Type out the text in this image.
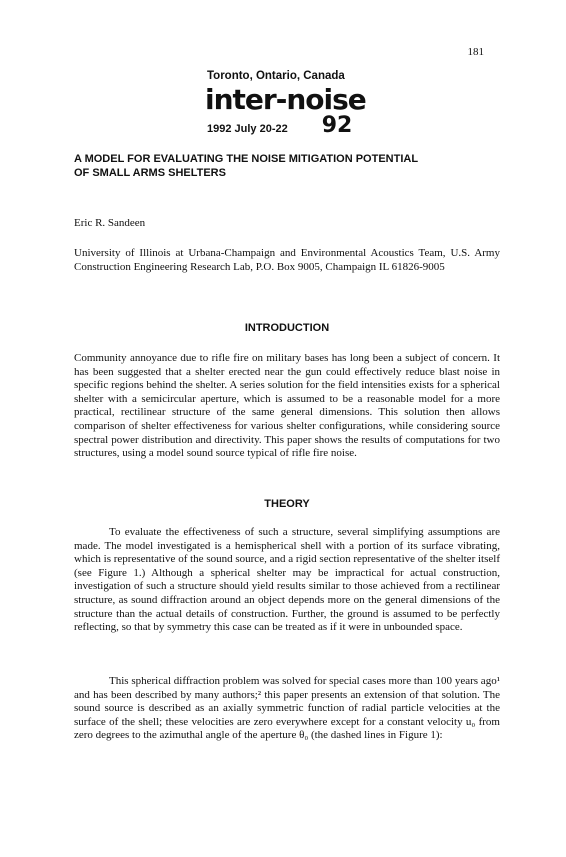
181
Toronto, Ontario, Canada
inter-noise
1992 July 20-22 92
A MODEL FOR EVALUATING THE NOISE MITIGATION POTENTIAL
OF SMALL ARMS SHELTERS
Eric R. Sandeen
University of Illinois at Urbana-Champaign and Environmental Acoustics Team, U.S. Army Construction Engineering Research Lab, P.O. Box 9005, Champaign IL 61826-9005
INTRODUCTION

Community annoyance due to rifle fire on military bases has long been a subject of concern. It has been suggested that a shelter erected near the gun could effectively reduce blast noise in specific regions behind the shelter. A series solution for the field intensities exists for a spherical shelter with a semicircular aperture, which is assumed to be a reasonable model for a more practical, rectilinear structure of the same general dimensions. This solution then allows comparison of shelter effectiveness for various shelter configurations, while considering source spectral power distribution and directivity. This paper shows the results of computations for two structures, using a model sound source typical of rifle fire noise.

THEORY

To evaluate the effectiveness of such a structure, several simplifying assumptions are made. The model investigated is a hemispherical shell with a portion of its surface vibrating, which is representative of the sound source, and a rigid section representative of the shelter itself (see Figure 1.) Although a spherical shelter may be impractical for actual construction, investigation of such a structure should yield results similar to those achieved from a rectilinear structure, as sound diffraction around an object depends more on the general dimensions of the structure than the actual details of construction. Further, the ground is assumed to be perfectly reflecting, so that by symmetry this case can be treated as if it were in unbounded space.

This spherical diffraction problem was solved for special cases more than 100 years ago¹ and has been described by many authors;² this paper presents an extension of that solution. The sound source is described as an axially symmetric function of radial particle velocities at the surface of the shell; these velocities are zero everywhere except for a constant velocity u₀ from zero degrees to the azimuthal angle of the aperture θ₀ (the dashed lines in Figure 1):
